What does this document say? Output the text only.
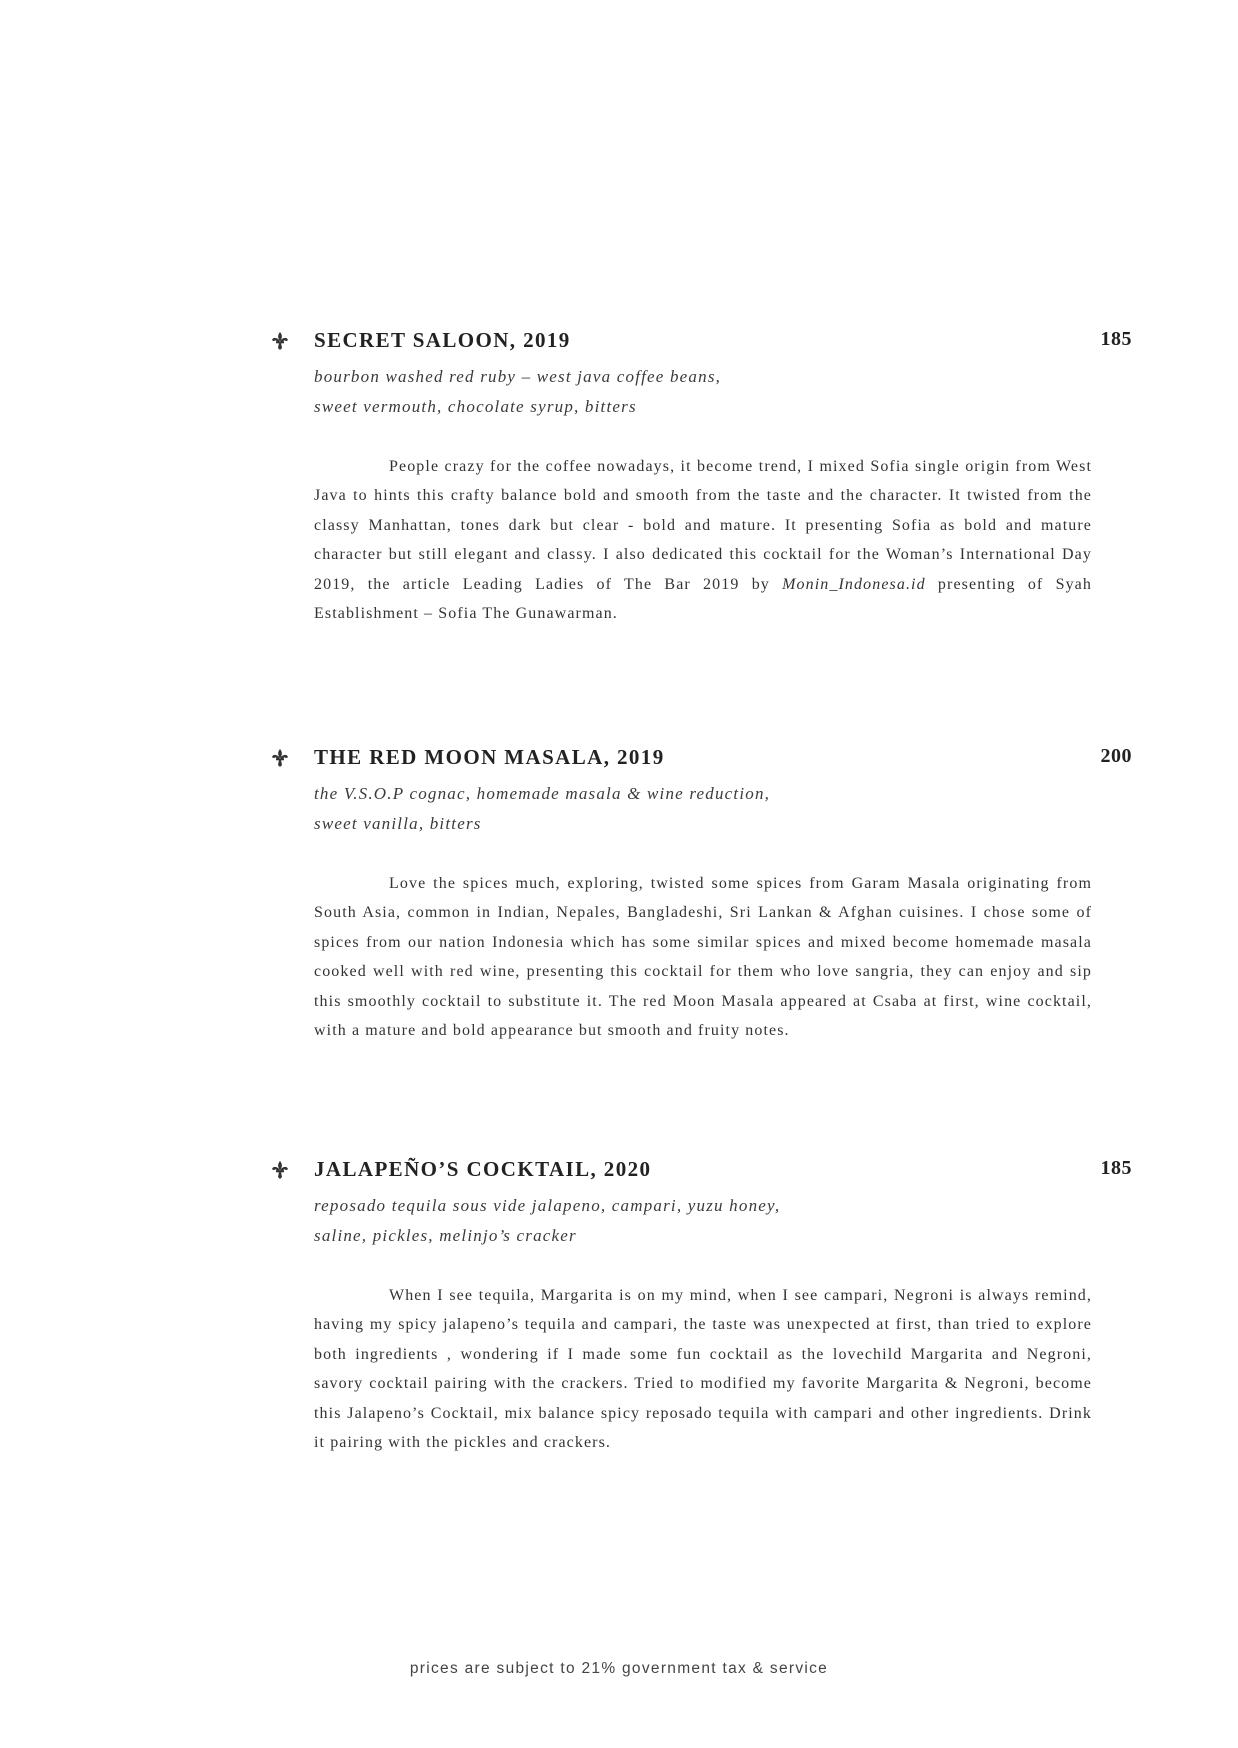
SECRET SALOON, 2019	185
bourbon washed red ruby – west java coffee beans,
sweet vermouth, chocolate syrup, bitters
People crazy for the coffee nowadays, it become trend, I mixed Sofia single origin from West Java to hints this crafty balance bold and smooth from the taste and the character. It twisted from the classy Manhattan, tones dark but clear - bold and mature. It presenting Sofia as bold and mature character but still elegant and classy. I also dedicated this cocktail for the Woman’s International Day 2019, the article Leading Ladies of The Bar 2019 by Monin_Indonesa.id presenting of Syah Establishment – Sofia The Gunawarman.
THE RED MOON MASALA, 2019	200
the V.S.O.P cognac, homemade masala & wine reduction,
sweet vanilla, bitters
Love the spices much, exploring, twisted some spices from Garam Masala originating from South Asia, common in Indian, Nepales, Bangladeshi, Sri Lankan & Afghan cuisines. I chose some of spices from our nation Indonesia which has some similar spices and mixed become homemade masala cooked well with red wine, presenting this cocktail for them who love sangria, they can enjoy and sip this smoothly cocktail to substitute it. The red Moon Masala appeared at Csaba at first, wine cocktail, with a mature and bold appearance but smooth and fruity notes.
JALAPEÑO’S COCKTAIL, 2020	185
reposado tequila sous vide jalapeno, campari, yuzu honey,
saline, pickles, melinjo’s cracker
When I see tequila, Margarita is on my mind, when I see campari, Negroni is always remind, having my spicy jalapeno’s tequila and campari, the taste was unexpected at first, than tried to explore both ingredients , wondering if I made some fun cocktail as the lovechild Margarita and Negroni, savory cocktail pairing with the crackers. Tried to modified my favorite Margarita & Negroni, become this Jalapeno’s Cocktail, mix balance spicy reposado tequila with campari and other ingredients. Drink it pairing with the pickles and crackers.
prices are subject to 21% government tax & service
